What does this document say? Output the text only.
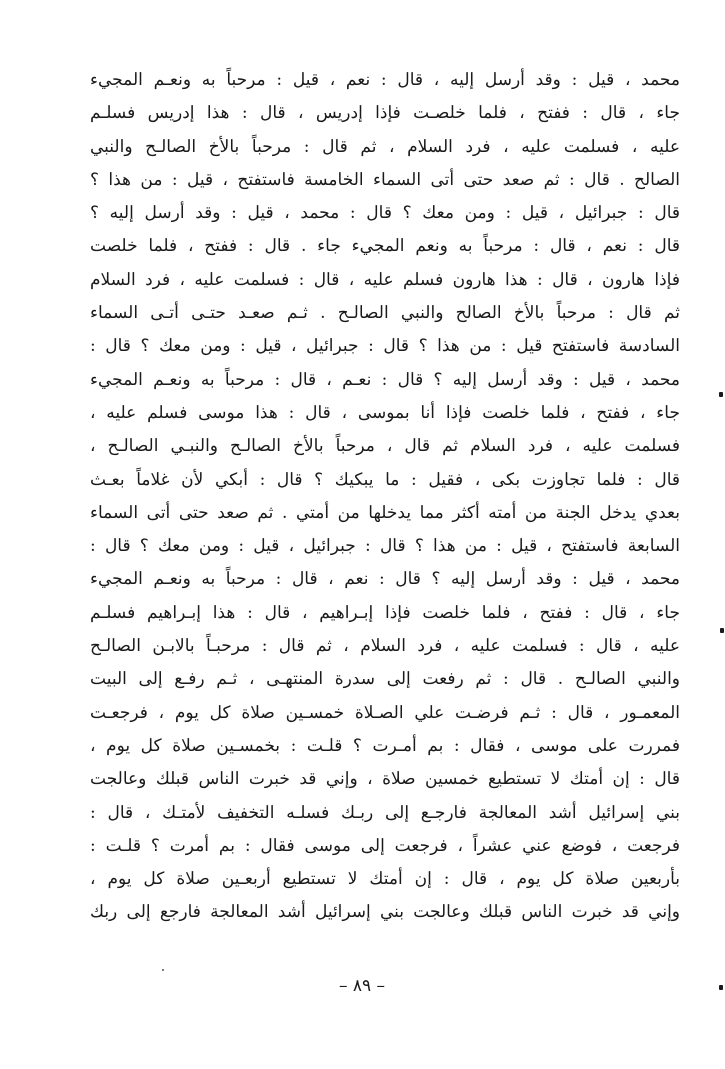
محمد ، قيل : وقد أرسل إليه ، قال : نعم ، قيل : مرحباً به ونعـم المجيء
جاء ، قال : ففتح ، فلما خلصـت فإذا إدريس ، قال : هذا إدريس فسلـم
عليه ، فسلمت عليه ، فرد السلام ، ثم قال : مرحباً بالأخ الصالـح والنبي
الصالح . قال : ثم صعد حتى أتى السماء الخامسة فاستفتح ، قيل : من هذا ؟
قال : جبرائيل ، قيل : ومن معك ؟ قال : محمد ، قيل : وقد أرسل إليه ؟
قال : نعم ، قال : مرحباً به ونعم المجيء جاء . قال : ففتح ، فلما خلصت
فإذا هارون ، قال : هذا هارون فسلم عليه ، قال : فسلمت عليه ، فرد السلام
ثم قال : مرحباً بالأخ الصالح والنبي الصالـح . ثـم صعـد حتـى أتـى السماء
السادسة فاستفتح قيل : من هذا ؟ قال : جبرائيل ، قيل : ومن معك ؟ قال :
محمد ، قيل : وقد أرسل إليه ؟ قال : نعـم ، قال : مرحباً به ونعـم المجيء
جاء ، ففتح ، فلما خلصت فإذا أنا بموسى ، قال : هذا موسى فسلم عليه ،
فسلمت عليه ، فرد السلام ثم قال ، مرحباً بالأخ الصالـح والنبـي الصالـح ،
قال : فلما تجاوزت بكى ، فقيل : ما يبكيك ؟ قال : أبكي لأن غلاماً بعـث
بعدي يدخل الجنة من أمته أكثر مما يدخلها من أمتي . ثم صعد حتى أتى السماء
السابعة فاستفتح ، قيل : من هذا ؟ قال : جبرائيل ، قيل : ومن معك ؟ قال :
محمد ، قيل : وقد أرسل إليه ؟ قال : نعم ، قال : مرحباً به ونعـم المجيء
جاء ، قال : ففتح ، فلما خلصت فإذا إبـراهيم ، قال : هذا إبـراهيم فسلـم
عليه ، قال : فسلمت عليه ، فرد السلام ، ثم قال : مرحبـاً بالابـن الصالـح
والنبي الصالـح . قال : ثم رفعت إلى سدرة المنتهـى ، ثـم رفـع إلى البيت
المعمـور ، قال : ثـم فرضـت علي الصـلاة خمسـين صلاة كل يوم ، فرجعـت
فمررت على موسى ، فقال : بم أمـرت ؟ قلـت : بخمسـين صلاة كل يوم ،
قال : إن أمتك لا تستطيع خمسين صلاة ، وإني قد خبرت الناس قبلك وعالجت
بني إسرائيل أشد المعالجة فارجـع إلى ربـك فسلـه التخفيف لأمتـك ، قال :
فرجعت ، فوضع عني عشراً ، فرجعت إلى موسى فقال : بم أمرت ؟ قلـت :
بأربعين صلاة كل يوم ، قال : إن أمتك لا تستطيع أربعـين صلاة كل يوم ،
وإني قد خبرت الناس قبلك وعالجت بني إسرائيل أشد المعالجة فارجع إلى ربك
– ٨٩ –
